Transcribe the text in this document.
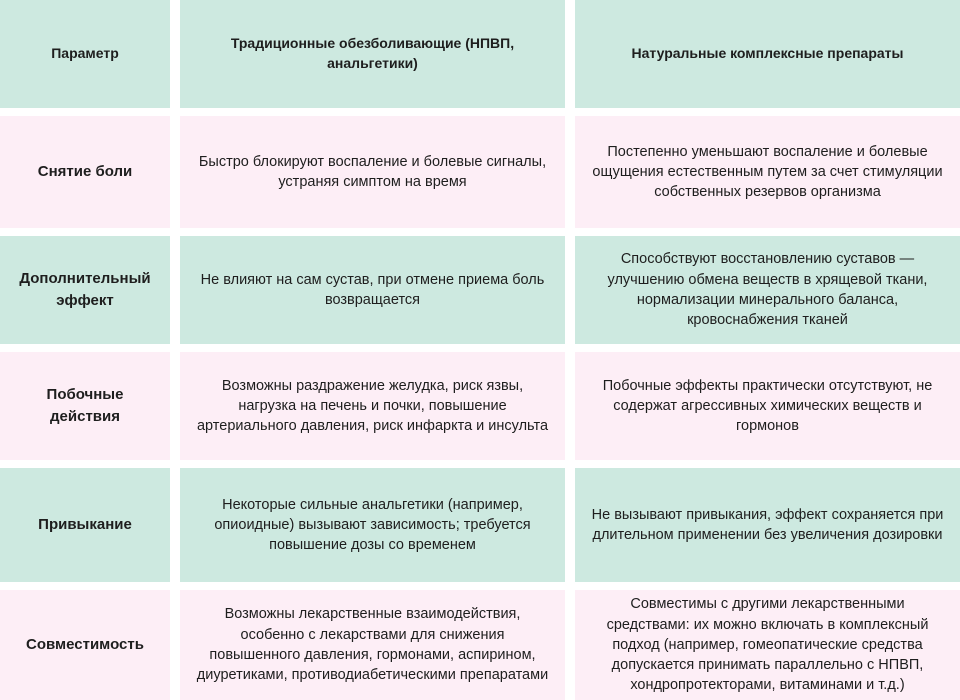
Параметр
Традиционные обезболивающие (НПВП, анальгетики)
Натуральные комплексные препараты
Снятие боли
Быстро блокируют воспаление и болевые сигналы, устраняя симптом на время
Постепенно уменьшают воспаление и болевые ощущения естественным путем за счет стимуляции собственных резервов организма
Дополнительный эффект
Не влияют на сам сустав, при отмене приема боль возвращается
Способствуют восстановлению суставов — улучшению обмена веществ в хрящевой ткани, нормализации минерального баланса, кровоснабжения тканей
Побочные действия
Возможны раздражение желудка, риск язвы, нагрузка на печень и почки, повышение артериального давления, риск инфаркта и инсульта
Побочные эффекты практически отсутствуют, не содержат агрессивных химических веществ и гормонов
Привыкание
Некоторые сильные анальгетики (например, опиоидные) вызывают зависимость; требуется повышение дозы со временем
Не вызывают привыкания, эффект сохраняется при длительном применении без увеличения дозировки
Совместимость
Возможны лекарственные взаимодействия, особенно с лекарствами для снижения повышенного давления, гормонами, аспирином, диуретиками, противодиабетическими препаратами
Совместимы с другими лекарственными средствами: их можно включать в комплексный подход (например, гомеопатические средства допускается принимать параллельно с НПВП, хондропротекторами, витаминами и т.д.)
